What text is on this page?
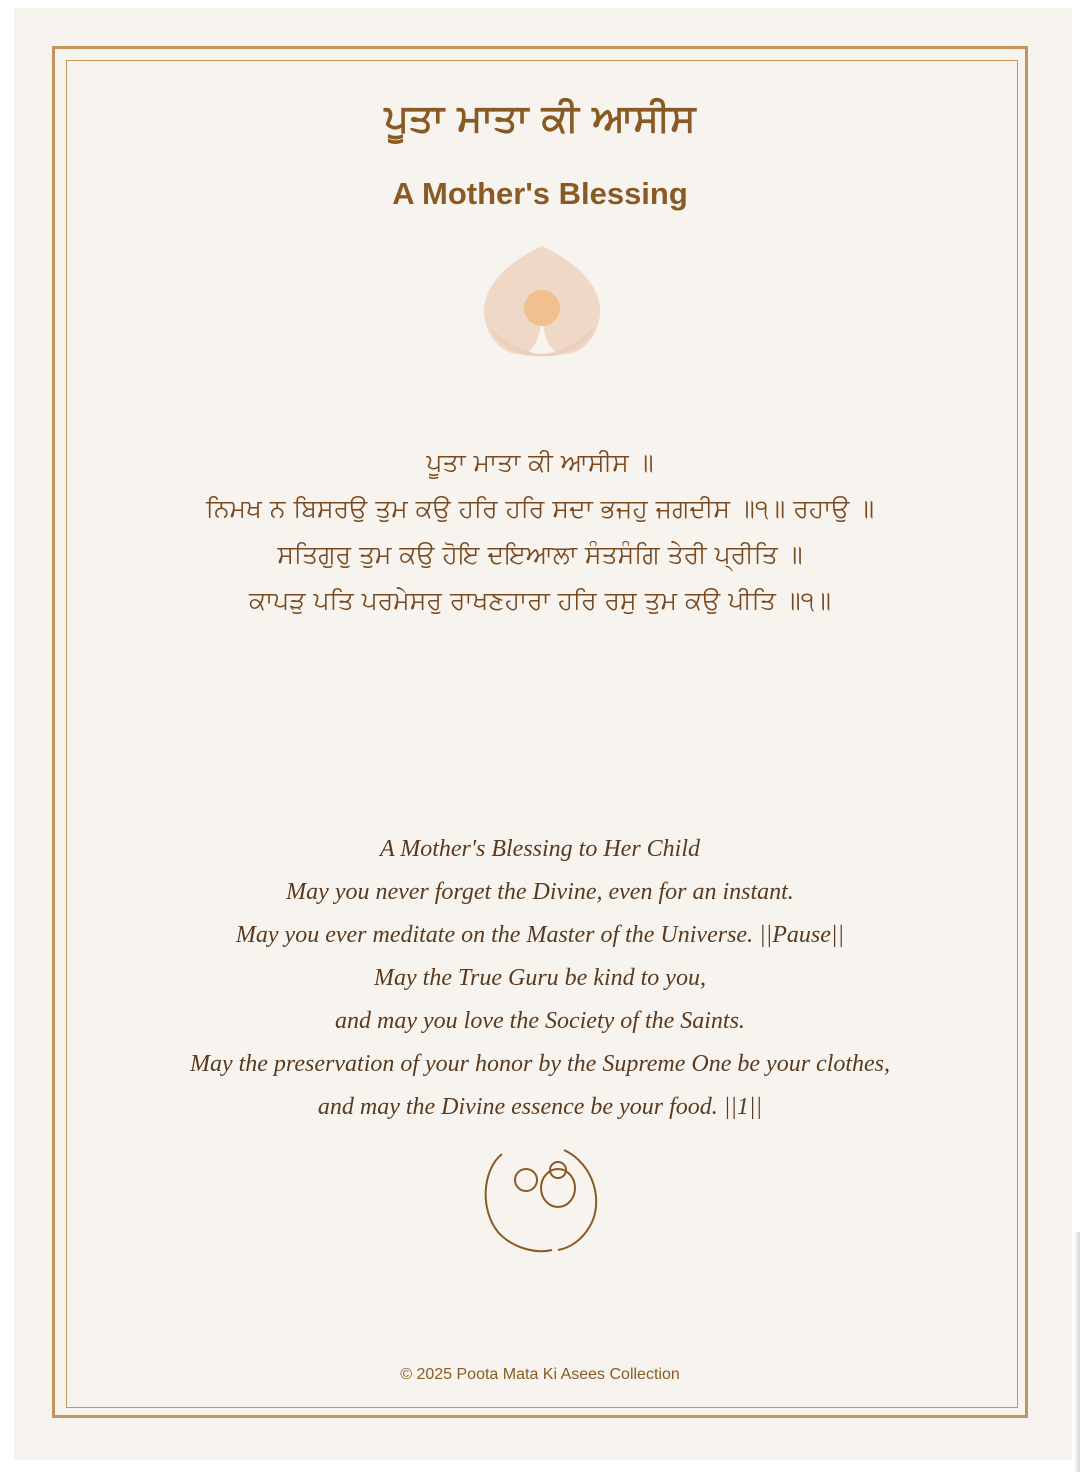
ਪੂਤਾ ਮਾਤਾ ਕੀ ਆਸੀਸ
A Mother's Blessing
ਪੂਤਾ ਮਾਤਾ ਕੀ ਆਸੀਸ ॥
ਨਿਮਖ ਨ ਬਿਸਰਉ ਤੁਮ ਕਉ ਹਰਿ ਹਰਿ ਸਦਾ ਭਜਹੁ ਜਗਦੀਸ ॥੧॥ ਰਹਾਉ ॥
ਸਤਿਗੁਰੁ ਤੁਮ ਕਉ ਹੋਇ ਦਇਆਲਾ ਸੰਤਸੰਗਿ ਤੇਰੀ ਪ੍ਰੀਤਿ ॥
ਕਾਪੜੁ ਪਤਿ ਪਰਮੇਸਰੁ ਰਾਖਣਹਾਰਾ ਹਰਿ ਰਸੁ ਤੁਮ ਕਉ ਪੀਤਿ ॥੧॥
A Mother's Blessing to Her Child
May you never forget the Divine, even for an instant.
May you ever meditate on the Master of the Universe. ||Pause||
May the True Guru be kind to you,
and may you love the Society of the Saints.
May the preservation of your honor by the Supreme One be your clothes,
and may the Divine essence be your food. ||1||
© 2025 Poota Mata Ki Asees Collection
